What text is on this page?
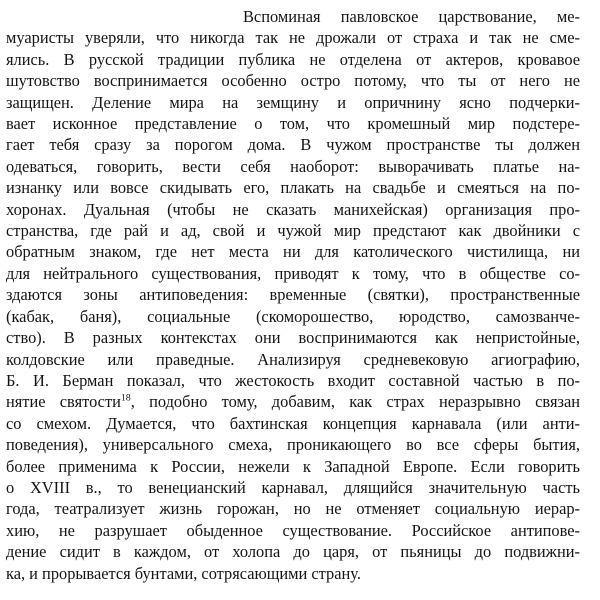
Вспоминая павловское царствование, ме-
муаристы уверяли, что никогда так не дрожали от страха и так не сме-
ялись. В русской традиции публика не отделена от актеров, кровавое
шутовство воспринимается особенно остро потому, что ты от него не
защищен. Деление мира на земщину и опричнину ясно подчерки-
вает исконное представление о том, что кромешный мир подстере-
гает тебя сразу за порогом дома. В чужом пространстве ты должен
одеваться, говорить, вести себя наоборот: выворачивать платье на-
изнанку или вовсе скидывать его, плакать на свадьбе и смеяться на по-
хоронах. Дуальная (чтобы не сказать манихейская) организация про-
странства, где рай и ад, свой и чужой мир предстают как двойники с
обратным знаком, где нет места ни для католического чистилища, ни
для нейтрального существования, приводят к тому, что в обществе со-
здаются зоны антиповедения: временные (святки), пространственные
(кабак, баня), социальные (скоморошество, юродство, самозванче-
ство). В разных контекстах они воспринимаются как непристойные,
колдовские или праведные. Анализируя средневековую агиографию,
Б. И. Берман показал, что жестокость входит составной частью в по-
нятие святости$^{18}$, подобно тому, добавим, как страх неразрывно связан
со смехом. Думается, что бахтинская концепция карнавала (или анти-
поведения), универсального смеха, проникающего во все сферы бытия,
более применима к России, нежели к Западной Европе. Если говорить
о XVIII в., то венецианский карнавал, длящийся значительную часть
года, театрализует жизнь горожан, но не отменяет социальную иерар-
хию, не разрушает обыденное существование. Российское антипове-
дение сидит в каждом, от холопа до царя, от пьяницы до подвижни-
ка, и прорывается бунтами, сотрясающими страну.
